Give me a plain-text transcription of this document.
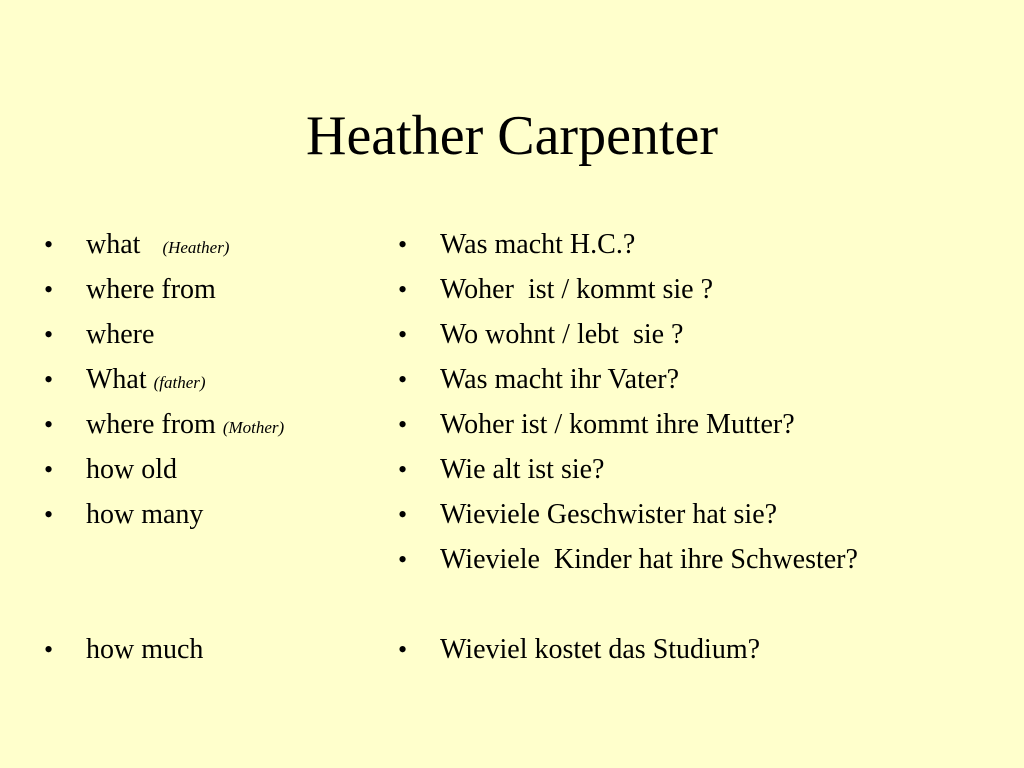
Heather Carpenter
•	what (Heather)
•	where from
•	where
•	What (father)
•	where from (Mother)
•	how old
•	how many
•	how much
•	Was macht H.C.?
•	Woher  ist / kommt sie ?
•	Wo wohnt / lebt  sie ?
•	Was macht ihr Vater?
•	Woher ist / kommt ihre Mutter?
•	Wie alt ist sie?
•	Wieviele Geschwister hat sie?
•	Wieviele  Kinder hat ihre Schwester?
•	Wieviel kostet das Studium?
